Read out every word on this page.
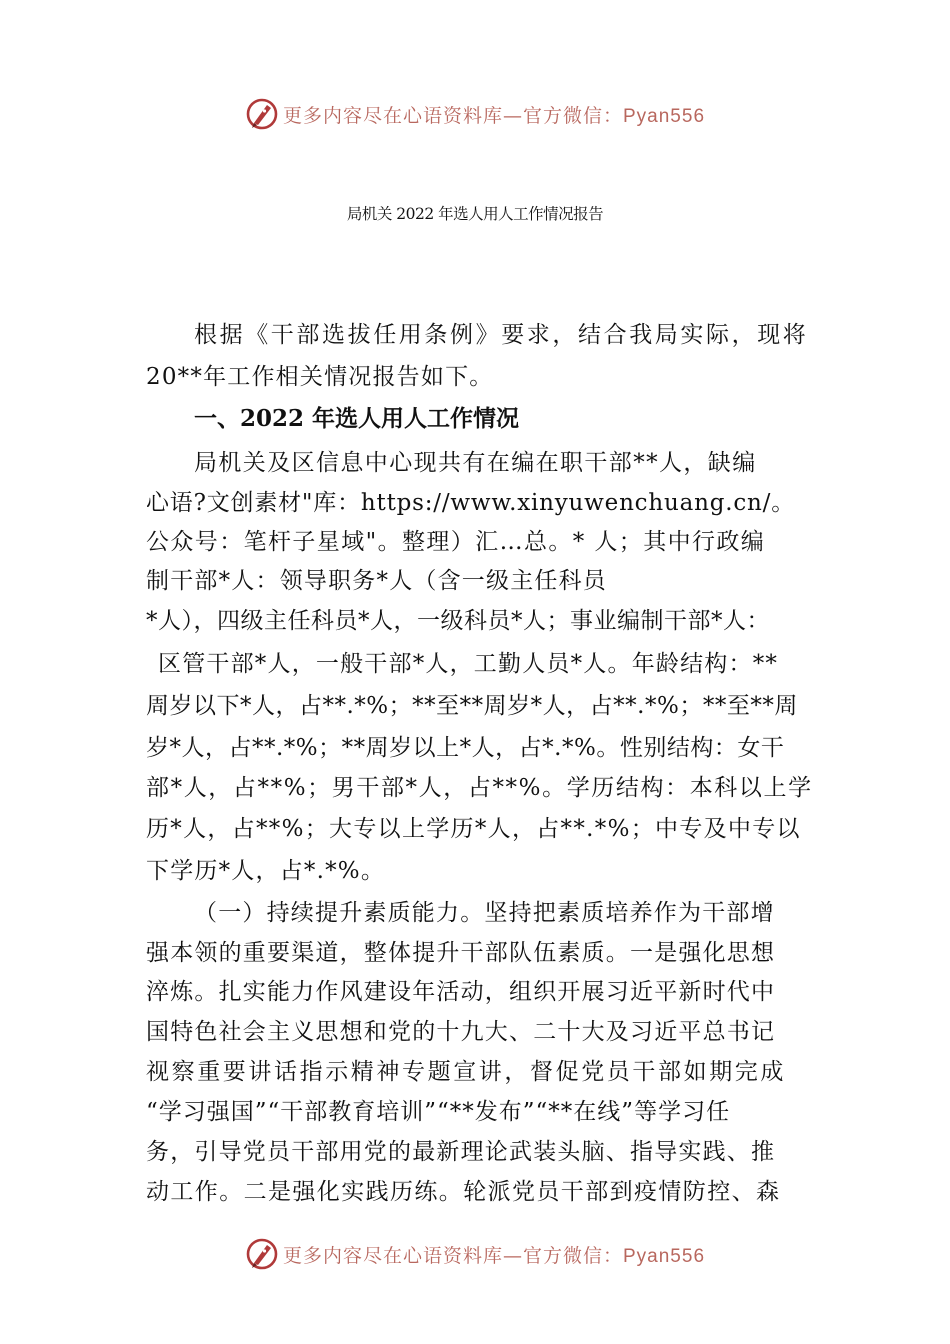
更多内容尽在心语资料库—官方微信：Pyan556
局机关 2022 年选人用人工作情况报告
根据《干部选拔任用条例》要求，结合我局实际，现将
20**年工作相关情况报告如下。
一、2022 年选人用人工作情况
局机关及区信息中心现共有在编在职干部**人，缺编
心语?文创素材"库：https://www.xinyuwenchuang.cn/。
公众号：笔杆子星域"。整理）汇…总。* 人；其中行政编
制干部*人：领导职务*人（含一级主任科员
*人），四级主任科员*人，一级科员*人；事业编制干部*人：
区管干部*人，一般干部*人，工勤人员*人。年龄结构：**
周岁以下*人，占**.*%；**至**周岁*人，占**.*%；**至**周
岁*人，占**.*%；**周岁以上*人，占*.*%。性别结构：女干
部*人，占**%；男干部*人，占**%。学历结构：本科以上学
历*人，占**%；大专以上学历*人，占**.*%；中专及中专以
下学历*人，占*.*%。
（一）持续提升素质能力。坚持把素质培养作为干部增
强本领的重要渠道，整体提升干部队伍素质。一是强化思想
淬炼。扎实能力作风建设年活动，组织开展习近平新时代中
国特色社会主义思想和党的十九大、二十大及习近平总书记
视察重要讲话指示精神专题宣讲，督促党员干部如期完成
“学习强国”“干部教育培训”“**发布”“**在线”等学习任
务，引导党员干部用党的最新理论武装头脑、指导实践、推
动工作。二是强化实践历练。轮派党员干部到疫情防控、森
更多内容尽在心语资料库—官方微信：Pyan556
